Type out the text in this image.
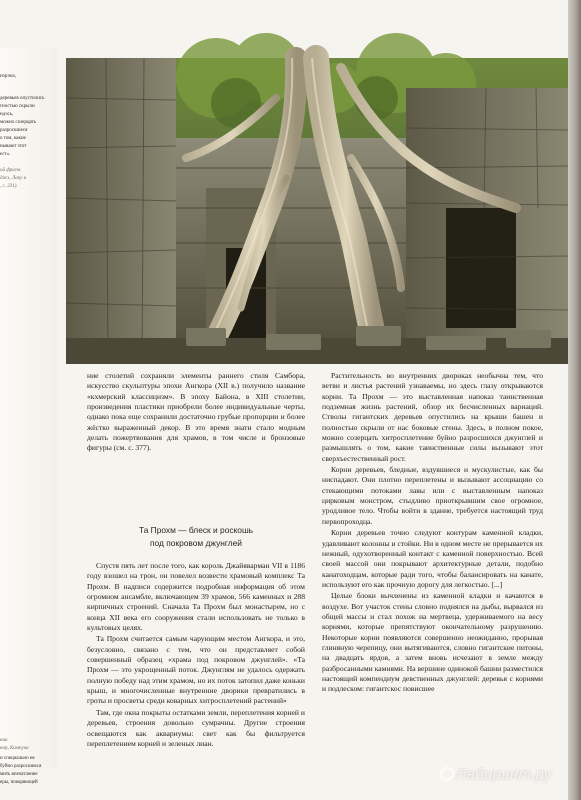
нэрэмэ,
деревьев опустились
гностью скрыли
ндэсь,
можно созерцать
разросшиеся
о том, какие
нывают этот
ест».
ой фрагм.
джэ, Лаку и
, с. 231).
нии
нор, Кампуча
и специально не
буйно разросшиеся
мить впечатление
еры, покоряющей

ние столетий сохраняли элементы раннего стиля Самбора, искусство скульптуры эпохи Ангкора (XII в.) получило название «кхмерский классицизм». В эпоху Байона, в XIII столетии, произведения пластики приобрели более индивидуальные черты, однако пока еще сохранили достаточно грубые пропорции и более жёстко выраженный декор. В это время знати стало модным делать пожертвования для храмов, в том числе и бронзовые фигуры (см. с. 377).

Та Прохм — блеск и роскошь
под покровом джунглей

Спустя пять лет после того, как король Джайяварман VII в 1186 году взошел на трон, он повелел возвести храмовый комплекс Та Прохм. В надписи содержится подробная информация об этом огромном ансамбле, включающем 39 храмов, 566 каменных и 288 кирпичных строений. Сначала Та Прохм был монастырем, но с конца XII века его сооружения стали использовать не только в культовых целях.

Та Прохм считается самым чарующим местом Ангкора, и это, безусловно, связано с тем, что он представляет собой совершенный образец «храма под покровом джунглей». «Та Прохм — это укрощенный поток. Джунглям не удалось одержать полную победу над этим храмом, но их поток затопил даже коньки крыш, и многочисленные внутренние дворики превратились в гроты и просветы среди коварных хитросплетений растений»

Там, где окна покрыты остатками земли, переплетения корней и деревьев, строения довольно сумрачны. Другие строения освещаются как аквариумы: свет как бы фильтруется переплетением корней и зеленых лиан.

Растительность во внутренних двориках необычна тем, что ветви и листья растений узнаваемы, но здесь глазу открываются корни. Та Прохм — это выставленная напоказ таинственная подземная жизнь растений, обзор их бесчисленных вариаций. Стволы гигантских деревьев опустились на крыши башен и полностью скрыли от нас боковые стены. Здесь, в полном покое, можно созерцать хитросплетение буйно разросшихся джунглей и размышлять о том, какие таинственные силы вызывают этот сверхъестественный рост.

Корни деревьев, бледные, вздувшиеся и мускулистые, как бы ниспадают. Они плотно переплетены и вызывают ассоциацию со стекающими потоками лавы или с выставленным напоказ цирковым монстром, стыдливо приоткрывшим свое огромное, уродливое тело. Чтобы войти в здание, требуется настоящий труд первопроходца.

Корни деревьев точно следуют контурам каменной кладки, удавливают колонны и стойки. Ни в одном месте не прерывается их нежный, одухотворенный контакт с каменной поверхностью. Всей своей массой они покрывают архитектурные детали, подобно канатоходцам, которые ради того, чтобы балансировать на канате, используют его как прочную дорогу для легкостью. [...]

Целые блоки вычленены из каменной кладки и качаются в воздухе. Вот участок стены словно поднялся на дыбы, вырвался из общей массы и стал похож на мертвеца, удерживаемого на весу корнями, которые препятствуют окончательному разрушению. Некоторые корни появляются совершенно неожиданно, прорывая глиняную черепицу, они вытягиваются, словно гигантские питоны, на двадцать ярдов, а затем вновь исчезают в земле между разбросанными камнями. На вершине одинокой башни разместился настоящий компендиум девственных джунглей: деревья с корнями и подлеском: гигантскос повисшее

Лабиринт.ру
